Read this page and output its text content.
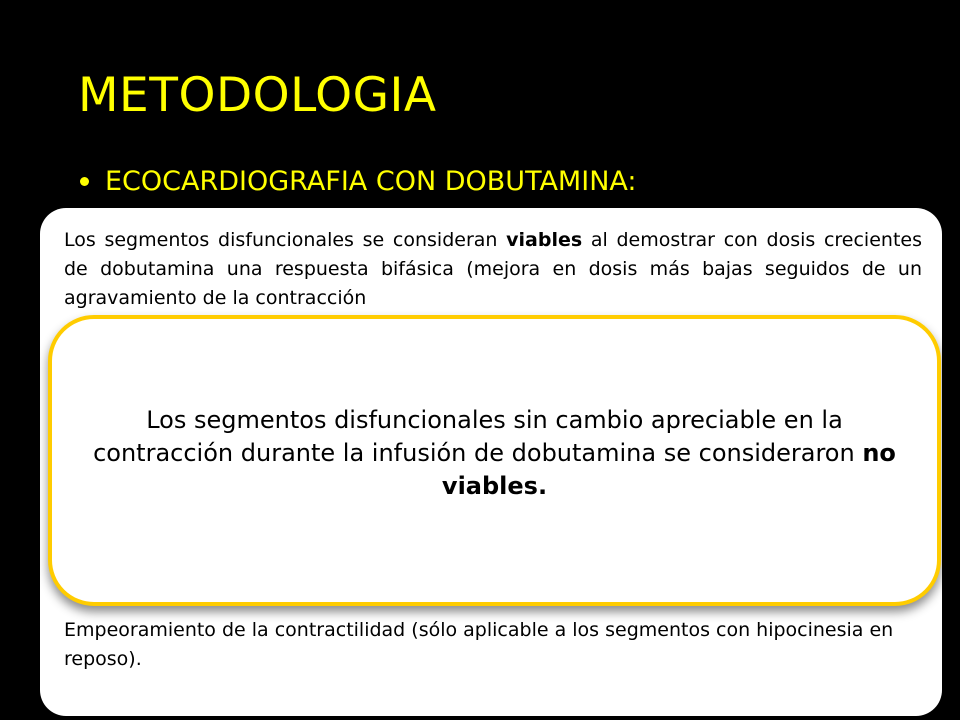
METODOLOGIA
ECOCARDIOGRAFIA CON DOBUTAMINA:
Los segmentos disfuncionales se consideran viables al demostrar con dosis crecientes de dobutamina una respuesta bifásica (mejora en dosis más bajas seguidos de un agravamiento de la contracción
Empeoramiento de la contractilidad (sólo aplicable a los segmentos con hipocinesia en reposo).
Los segmentos disfuncionales sin cambio apreciable en la contracción durante la infusión de dobutamina se consideraron no viables.
